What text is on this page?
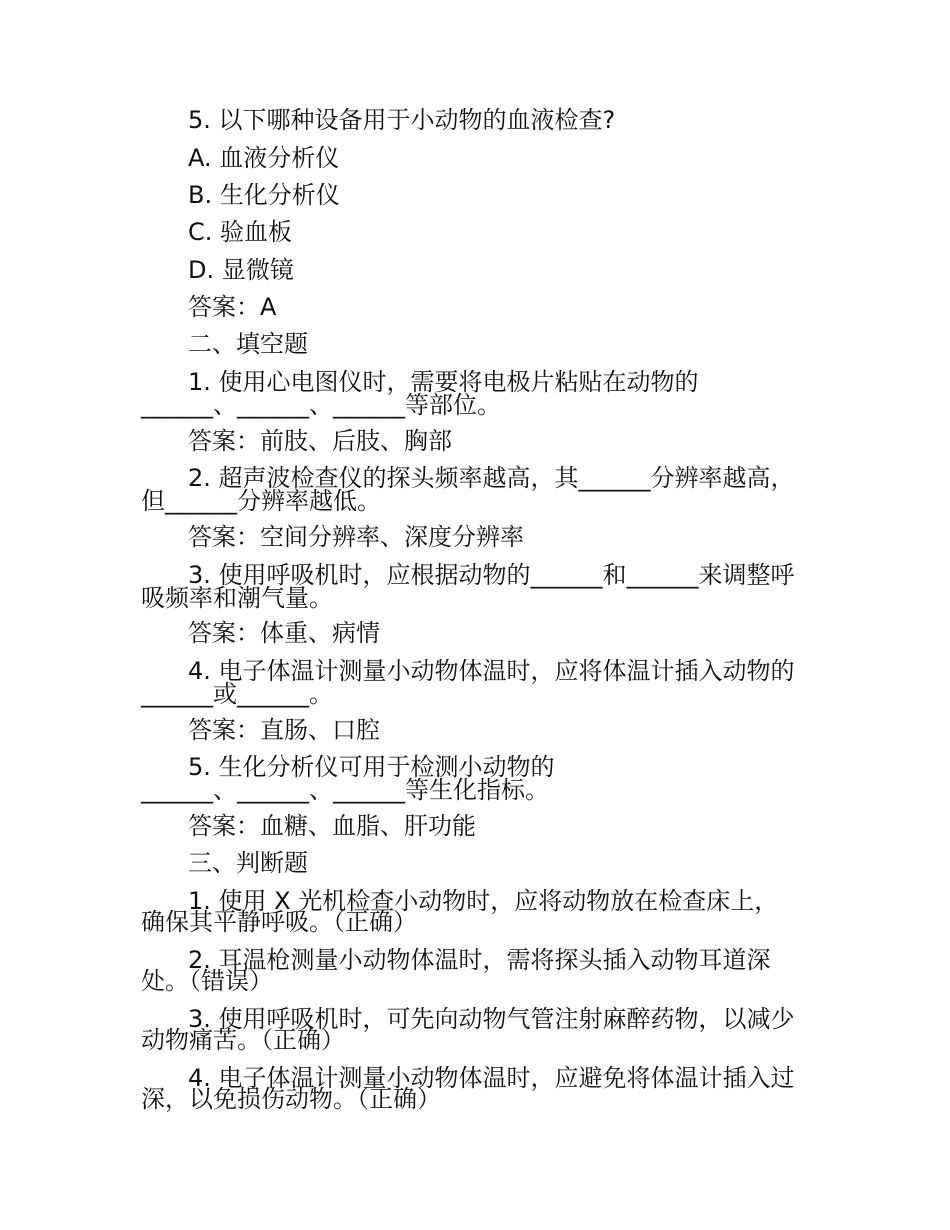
5. 以下哪种设备用于小动物的血液检查?
A. 血液分析仪
B. 生化分析仪
C. 验血板
D. 显微镜
答案：A
二、填空题
1. 使用心电图仪时，需要将电极片粘贴在动物的
______、______、______等部位。
答案：前肢、后肢、胸部
2. 超声波检查仪的探头频率越高，其______分辨率越高，
但______分辨率越低。
答案：空间分辨率、深度分辨率
3. 使用呼吸机时，应根据动物的______和______来调整呼
吸频率和潮气量。
答案：体重、病情
4. 电子体温计测量小动物体温时，应将体温计插入动物的
______或______。
答案：直肠、口腔
5. 生化分析仪可用于检测小动物的
______、______、______等生化指标。
答案：血糖、血脂、肝功能
三、判断题
1. 使用 X 光机检查小动物时，应将动物放在检查床上，
确保其平静呼吸。（正确）
2. 耳温枪测量小动物体温时，需将探头插入动物耳道深
处。（错误）
3. 使用呼吸机时，可先向动物气管注射麻醉药物，以减少
动物痛苦。（正确）
4. 电子体温计测量小动物体温时，应避免将体温计插入过
深，以免损伤动物。（正确）
